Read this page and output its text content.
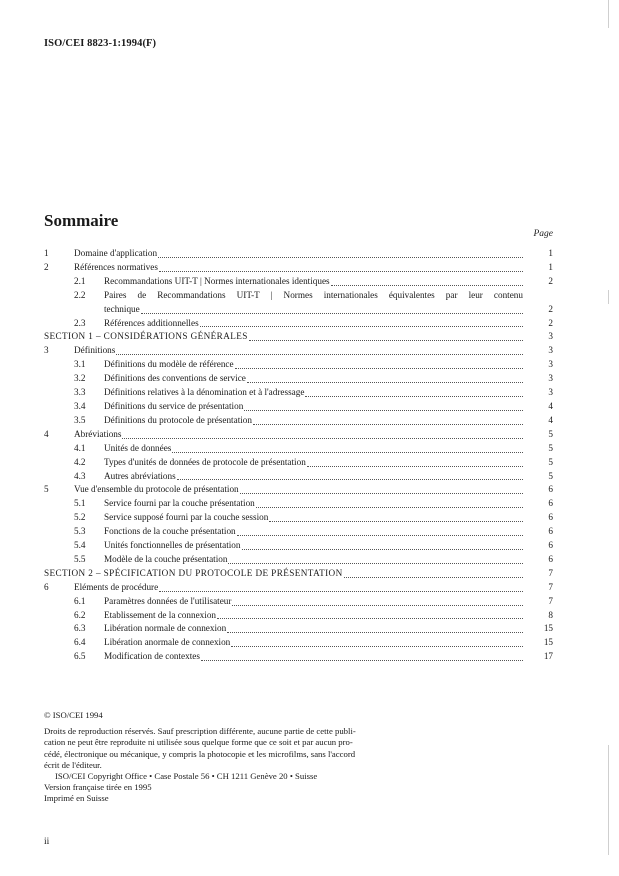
ISO/CEI 8823-1:1994(F)
Sommaire
Page
1	Domaine d'application	1
2	Références normatives	1
2.1	Recommandations UIT-T | Normes internationales identiques	2
2.2	Paires de Recommandations UIT-T | Normes internationales équivalentes par leur contenu
technique	2
2.3	Références additionnelles	2
SECTION 1 – CONSIDÉRATIONS GÉNÉRALES	3
3	Définitions	3
3.1	Définitions du modèle de référence	3
3.2	Définitions des conventions de service	3
3.3	Définitions relatives à la dénomination et à l'adressage	3
3.4	Définitions du service de présentation	4
3.5	Définitions du protocole de présentation	4
4	Abréviations	5
4.1	Unités de données	5
4.2	Types d'unités de données de protocole de présentation	5
4.3	Autres abréviations	5
5	Vue d'ensemble du protocole de présentation	6
5.1	Service fourni par la couche présentation	6
5.2	Service supposé fourni par la couche session	6
5.3	Fonctions de la couche présentation	6
5.4	Unités fonctionnelles de présentation	6
5.5	Modèle de la couche présentation	6
SECTION 2 – SPÉCIFICATION DU PROTOCOLE DE PRÉSENTATION	7
6	Eléments de procédure	7
6.1	Paramètres données de l'utilisateur	7
6.2	Etablissement de la connexion	8
6.3	Libération normale de connexion	15
6.4	Libération anormale de connexion	15
6.5	Modification de contextes	17

© ISO/CEI 1994

Droits de reproduction réservés. Sauf prescription différente, aucune partie de cette publi-

cation ne peut être reproduite ni utilisée sous quelque forme que ce soit et par aucun pro-

cédé, électronique ou mécanique, y compris la photocopie et les microfilms, sans l'accord

écrit de l'éditeur.

ISO/CEI Copyright Office • Case Postale 56 • CH 1211 Genève 20 • Suisse

Version française tirée en 1995

Imprimé en Suisse

ii
